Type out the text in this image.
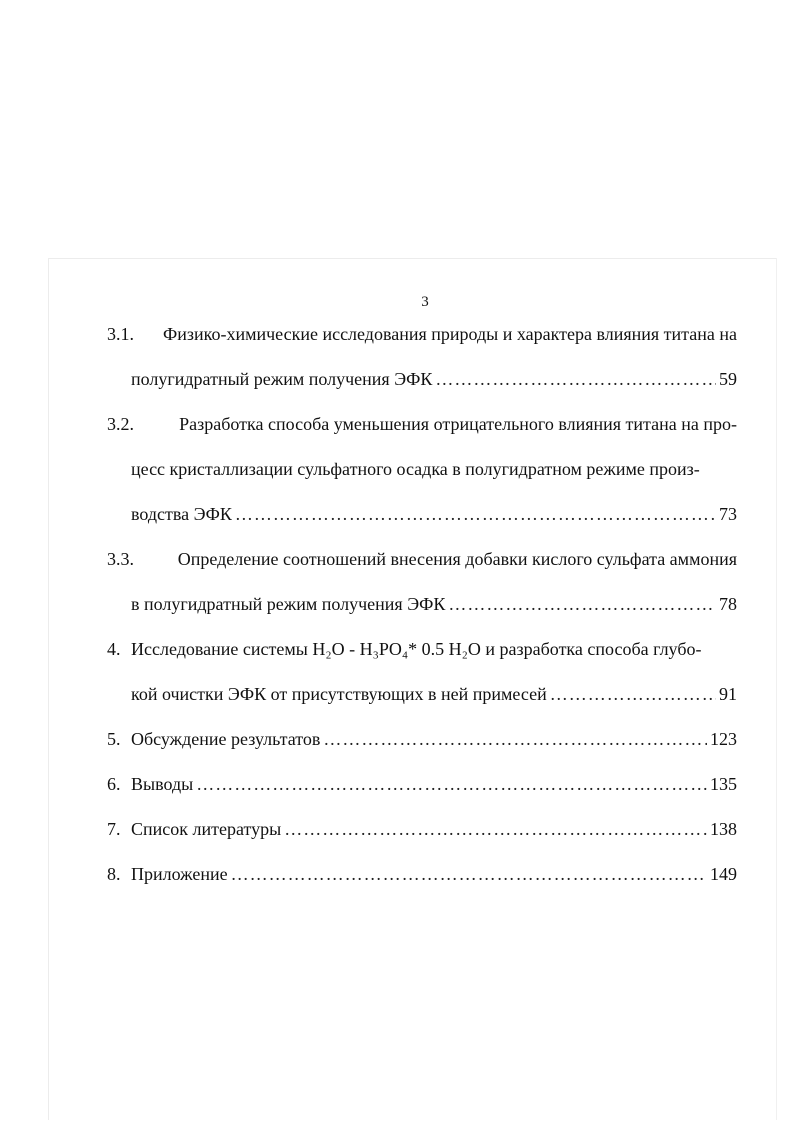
3
3.1.	Физико-химические исследования природы и характера влияния титана на
полугидратный режим получения ЭФК ……………………………………………………………………………………………………………………………………………………………	59
3.2.	Разработка способа уменьшения отрицательного влияния титана на про-
цесс кристаллизации сульфатного осадка в полугидратном режиме произ-
водства ЭФК ……………………………………………………………………………………………………………………………………………………………	73
3.3.	Определение соотношений внесения добавки кислого сульфата аммония
в полугидратный режим получения ЭФК ……………………………………………………………………………………………………………………………………………………………	78
4. Исследование системы H₂O - H₃PO₄* 0.5 H₂O и разработка способа глубо-
кой очистки ЭФК от присутствующих в ней примесей ……………………………………………………………………………………………………………………………………………………………	91
5. Обсуждение результатов ……………………………………………………………………………………………………………………………………………………………	123
6. Выводы ……………………………………………………………………………………………………………………………………………………………	135
7. Список литературы ……………………………………………………………………………………………………………………………………………………………	138
8. Приложение ……………………………………………………………………………………………………………………………………………………………	149
